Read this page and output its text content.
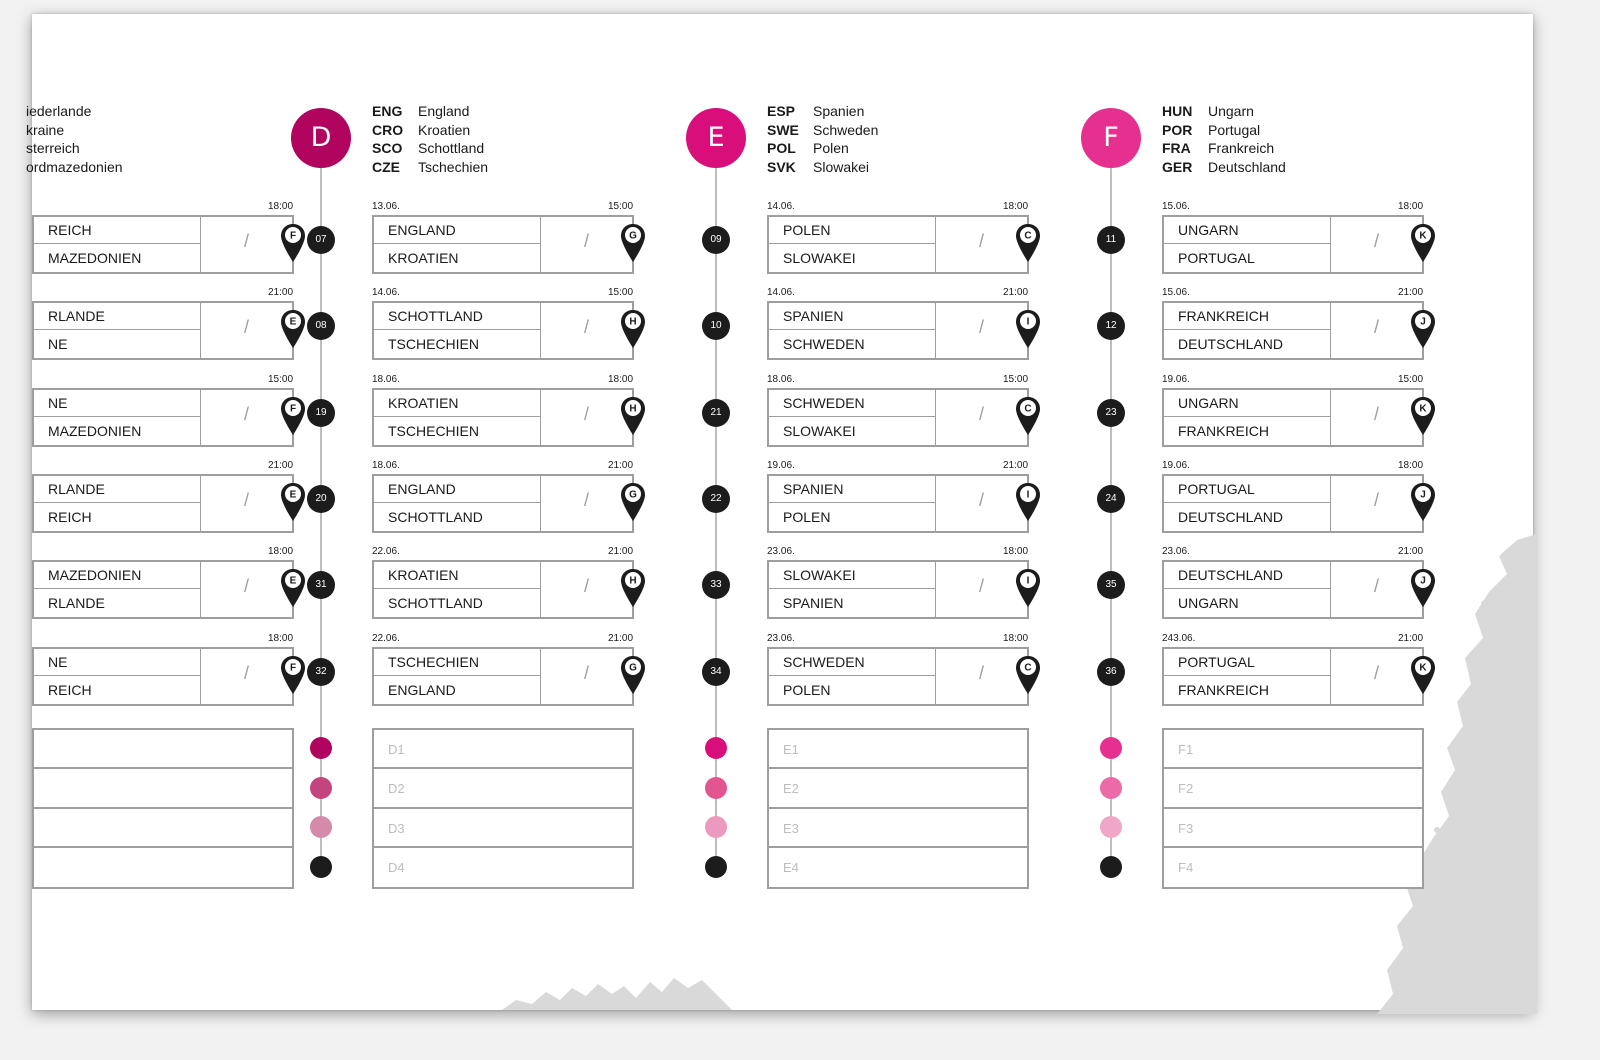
iederlande
kraine
sterreich
ordmazedonien
18:00
REICH
MAZEDONIEN
/	F
21:00
RLANDE
NE
/	E
15:00
NE
MAZEDONIEN
/	F
21:00
RLANDE
REICH
/	E
18:00
MAZEDONIEN
RLANDE
/	E
18:00
NE
REICH
/	F
D
ENG England
CRO Kroatien
SCO Schottland
CZE Tschechien
07
13.06.	15:00
ENGLAND
KROATIEN
/	G
08
14.06.	15:00
SCHOTTLAND
TSCHECHIEN
/	H
19
18.06.	18:00
KROATIEN
TSCHECHIEN
/	H
20
18.06.	21:00
ENGLAND
SCHOTTLAND
/	G
31
22.06.	21:00
KROATIEN
SCHOTTLAND
/	H
32
22.06.	21:00
TSCHECHIEN
ENGLAND
/	G
D1
D2
D3
D4
E
ESP Spanien
SWE Schweden
POL Polen
SVK Slowakei
09
14.06.	18:00
POLEN
SLOWAKEI
/	C
10
14.06.	21:00
SPANIEN
SCHWEDEN
/	I
21
18.06.	15:00
SCHWEDEN
SLOWAKEI
/	C
22
19.06.	21:00
SPANIEN
POLEN
/	I
33
23.06.	18:00
SLOWAKEI
SPANIEN
/	I
34
23.06.	18:00
SCHWEDEN
POLEN
/	C
E1
E2
E3
E4
F
HUN Ungarn
POR Portugal
FRA Frankreich
GER Deutschland
11
15.06.	18:00
UNGARN
PORTUGAL
/	K
12
15.06.	21:00
FRANKREICH
DEUTSCHLAND
/	J
23
19.06.	15:00
UNGARN
FRANKREICH
/	K
24
19.06.	18:00
PORTUGAL
DEUTSCHLAND
/	J
35
23.06.	21:00
DEUTSCHLAND
UNGARN
/	J
36
243.06.	21:00
PORTUGAL
FRANKREICH
/	K
F1
F2
F3
F4
